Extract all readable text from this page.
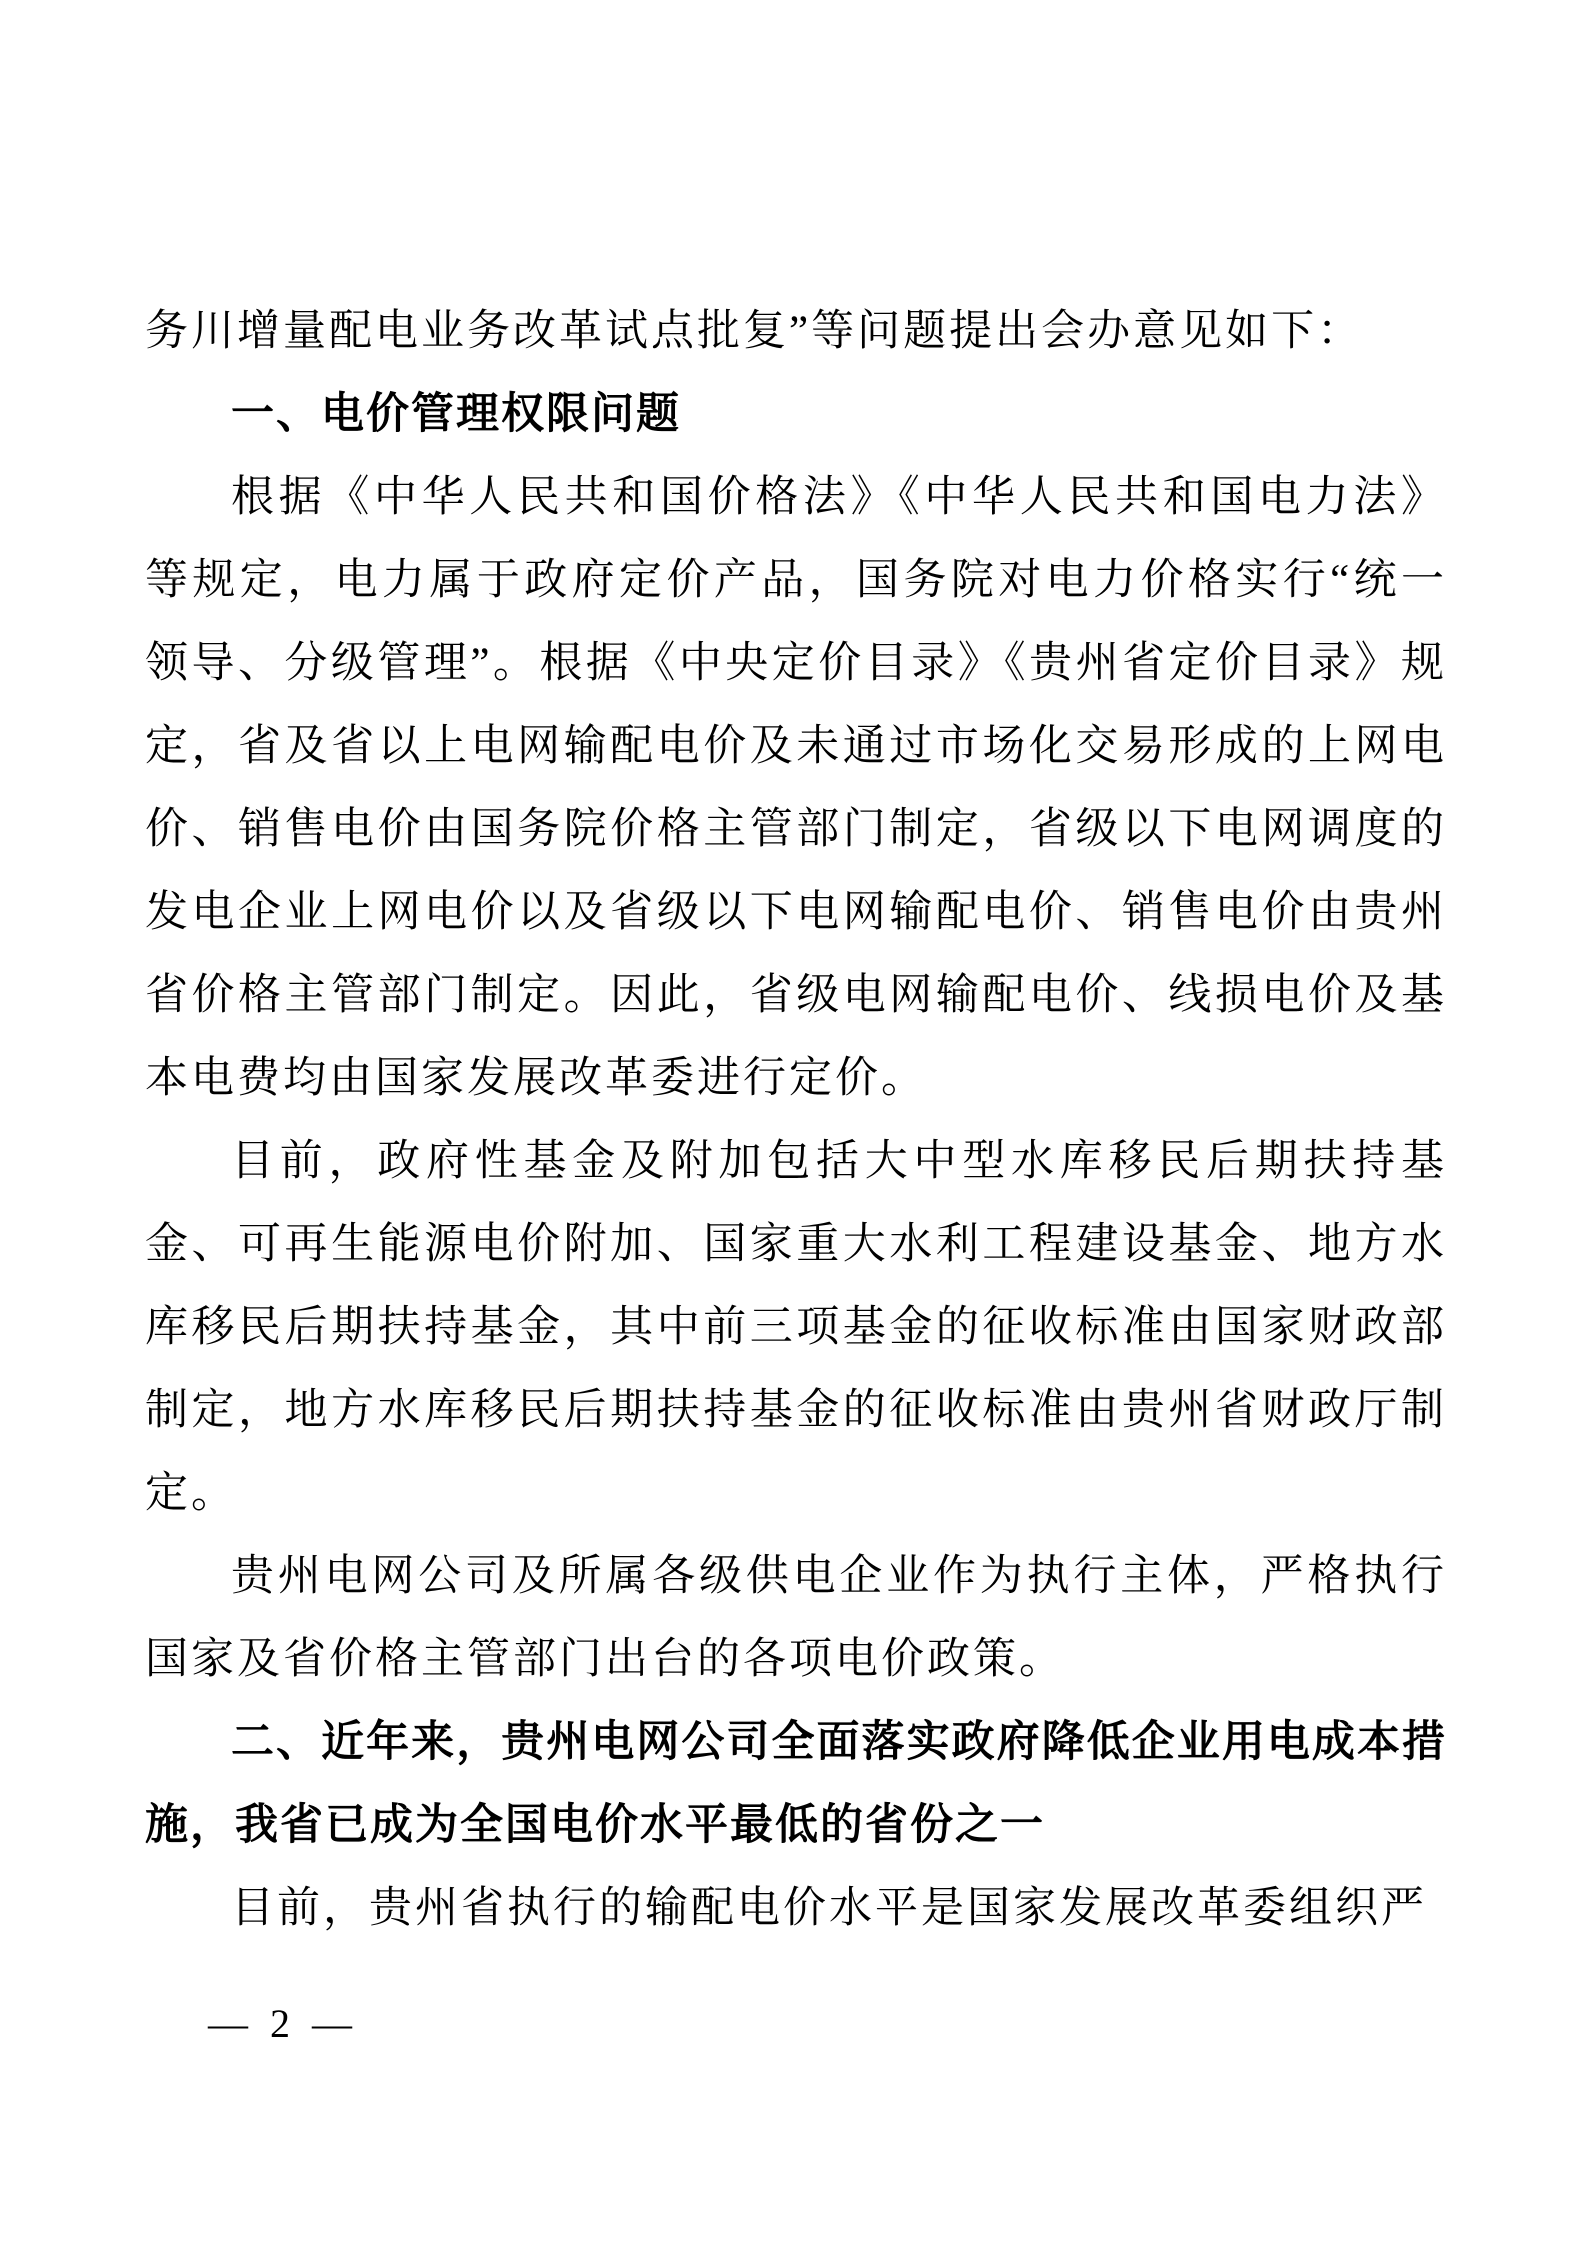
务川增量配电业务改革试点批复”等问题提出会办意见如下：

一、电价管理权限问题

根据《中华人民共和国价格法》《中华人民共和国电力法》等规定，电力属于政府定价产品，国务院对电力价格实行“统一领导、分级管理”。根据《中央定价目录》《贵州省定价目录》规定，省及省以上电网输配电价及未通过市场化交易形成的上网电价、销售电价由国务院价格主管部门制定，省级以下电网调度的发电企业上网电价以及省级以下电网输配电价、销售电价由贵州省价格主管部门制定。因此，省级电网输配电价、线损电价及基本电费均由国家发展改革委进行定价。

目前，政府性基金及附加包括大中型水库移民后期扶持基金、可再生能源电价附加、国家重大水利工程建设基金、地方水库移民后期扶持基金，其中前三项基金的征收标准由国家财政部制定，地方水库移民后期扶持基金的征收标准由贵州省财政厅制定。

贵州电网公司及所属各级供电企业作为执行主体，严格执行国家及省价格主管部门出台的各项电价政策。

二、近年来，贵州电网公司全面落实政府降低企业用电成本措施，我省已成为全国电价水平最低的省份之一

目前，贵州省执行的输配电价水平是国家发展改革委组织严

— 2 —
